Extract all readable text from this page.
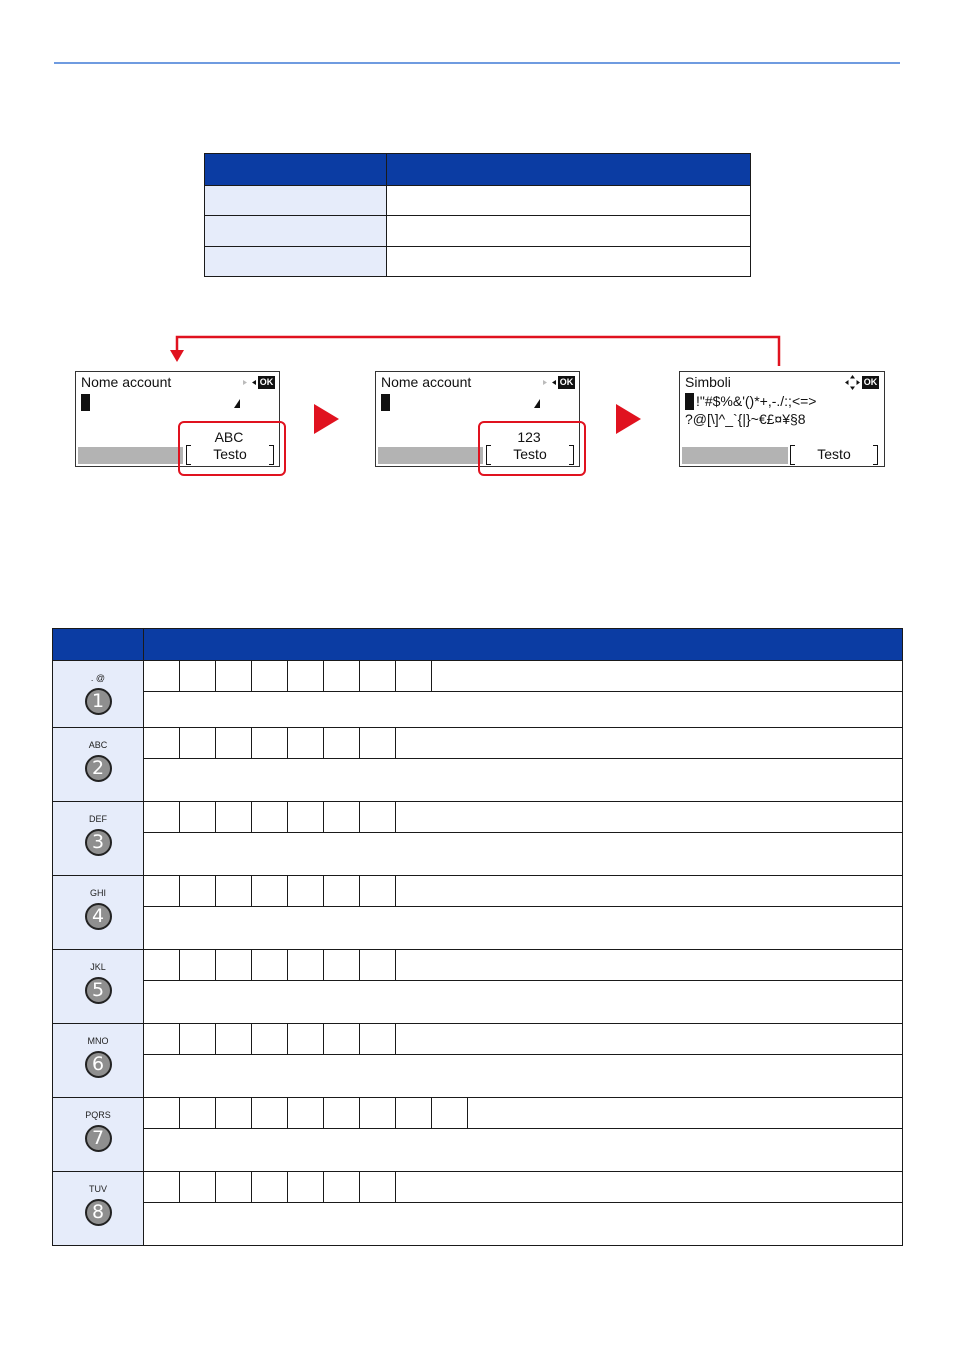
Nome account	OK
ABC
Testo
Nome account	OK
123
Testo
Simboli	OK
!"#$%&'()*+,-./:;<=>
?@[\]^_`{|}~€£¤¥§8
Testo

. @
1	

ABC
2	

DEF
3	

GHI
4	

JKL
5	

MNO
6	

PQRS
7	

TUV
8	
